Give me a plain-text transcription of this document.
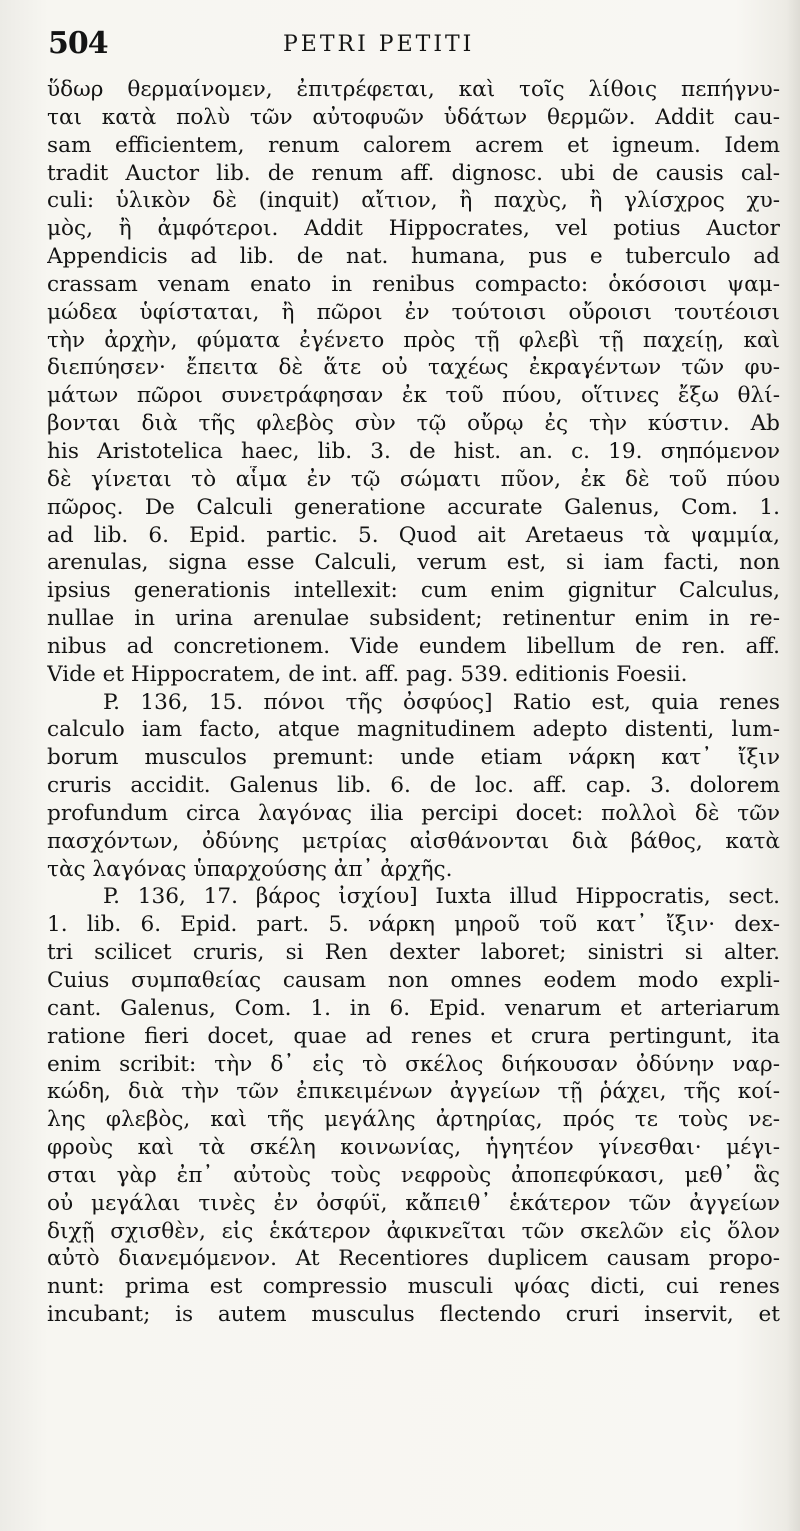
504	PETRI PETITI
ὕδωρ θερμαίνομεν, ἐπιτρέφεται, καὶ τοῖς λίθοις πεπήγνυ-
ται κατὰ πολὺ τῶν αὐτοφυῶν ὑδάτων θερμῶν. Addit cau-
sam efficientem, renum calorem acrem et igneum. Idem
tradit Auctor lib. de renum aff. dignosc. ubi de causis cal-
culi: ὑλικὸν δὲ (inquit) αἴτιον, ἢ παχὺς, ἢ γλίσχρος χυ-
μὸς, ἢ ἀμφότεροι. Addit Hippocrates, vel potius Auctor
Appendicis ad lib. de nat. humana, pus e tuberculo ad
crassam venam enato in renibus compacto: ὁκόσοισι ψαμ-
μώδεα ὑφίσταται, ἢ πῶροι ἐν τούτοισι οὔροισι τουτέοισι
τὴν ἀρχὴν, φύματα ἐγένετο πρὸς τῇ φλεβὶ τῇ παχείῃ, καὶ
διεπύησεν· ἔπειτα δὲ ἅτε οὐ ταχέως ἐκραγέντων τῶν φυ-
μάτων πῶροι συνετράφησαν ἐκ τοῦ πύου, οἵτινες ἔξω θλί-
βονται διὰ τῆς φλεβὸς σὺν τῷ οὔρῳ ἐς τὴν κύστιν. Ab
his Aristotelica haec, lib. 3. de hist. an. c. 19. σηπόμενον
δὲ γίνεται τὸ αἷμα ἐν τῷ σώματι πῦον, ἐκ δὲ τοῦ πύου
πῶρος. De Calculi generatione accurate Galenus, Com. 1.
ad lib. 6. Epid. partic. 5. Quod ait Aretaeus τὰ ψαμμία,
arenulas, signa esse Calculi, verum est, si iam facti, non
ipsius generationis intellexit: cum enim gignitur Calculus,
nullae in urina arenulae subsident; retinentur enim in re-
nibus ad concretionem. Vide eundem libellum de ren. aff.
Vide et Hippocratem, de int. aff. pag. 539. editionis Foesii.
P. 136, 15. πόνοι τῆς ὀσφύος] Ratio est, quia renes
calculo iam facto, atque magnitudinem adepto distenti, lum-
borum musculos premunt: unde etiam νάρκη κατ᾽ ἴξιν
cruris accidit. Galenus lib. 6. de loc. aff. cap. 3. dolorem
profundum circa λαγόνας ilia percipi docet: πολλοὶ δὲ τῶν
πασχόντων, ὀδύνης μετρίας αἰσθάνονται διὰ βάθος, κατὰ
τὰς λαγόνας ὑπαρχούσης ἀπ᾽ ἀρχῆς.
P. 136, 17. βάρος ἰσχίου] Iuxta illud Hippocratis, sect.
1. lib. 6. Epid. part. 5. νάρκη μηροῦ τοῦ κατ᾽ ἴξιν· dex-
tri scilicet cruris, si Ren dexter laboret; sinistri si alter.
Cuius συμπαθείας causam non omnes eodem modo expli-
cant. Galenus, Com. 1. in 6. Epid. venarum et arteriarum
ratione fieri docet, quae ad renes et crura pertingunt, ita
enim scribit: τὴν δ᾽ εἰς τὸ σκέλος διήκουσαν ὀδύνην ναρ-
κώδη, διὰ τὴν τῶν ἐπικειμένων ἀγγείων τῇ ῥάχει, τῆς κοί-
λης φλεβὸς, καὶ τῆς μεγάλης ἀρτηρίας, πρός τε τοὺς νε-
φροὺς καὶ τὰ σκέλη κοινωνίας, ἡγητέον γίνεσθαι· μέγι-
σται γὰρ ἐπ᾽ αὐτοὺς τοὺς νεφροὺς ἀποπεφύκασι, μεθ᾽ ἃς
οὐ μεγάλαι τινὲς ἐν ὀσφύϊ, κἄπειθ᾽ ἑκάτερον τῶν ἀγγείων
διχῇ σχισθὲν, εἰς ἑκάτερον ἀφικνεῖται τῶν σκελῶν εἰς ὅλον
αὐτὸ διανεμόμενον. At Recentiores duplicem causam propo-
nunt: prima est compressio musculi ψόας dicti, cui renes
incubant; is autem musculus flectendo cruri inservit, et
